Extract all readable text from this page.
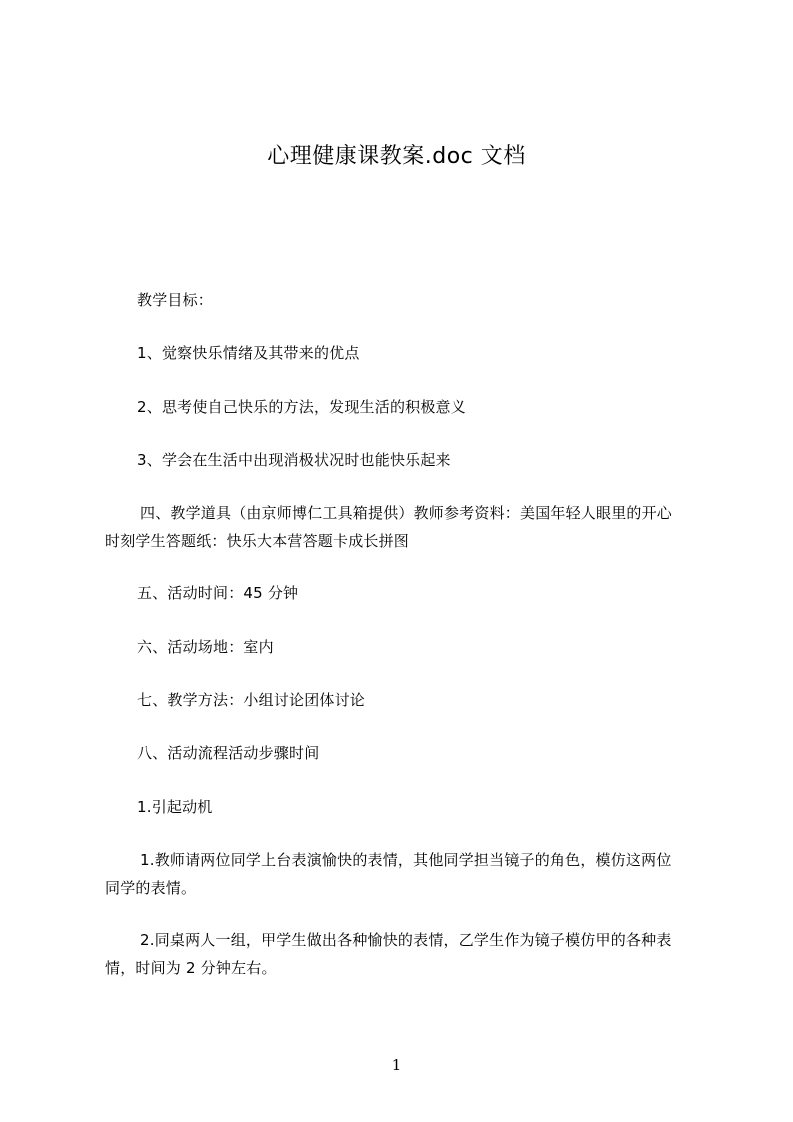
心理健康课教案.doc 文档
教学目标：
1、觉察快乐情绪及其带来的优点
2、思考使自己快乐的方法，发现生活的积极意义
3、学会在生活中出现消极状况时也能快乐起来
四、教学道具（由京师博仁工具箱提供）教师参考资料：美国年轻人眼里的开心
时刻学生答题纸：快乐大本营答题卡成长拼图
五、活动时间：45 分钟
六、活动场地：室内
七、教学方法：小组讨论团体讨论
八、活动流程活动步骤时间
1.引起动机
1.教师请两位同学上台表演愉快的表情，其他同学担当镜子的角色，模仿这两位
同学的表情。
2.同桌两人一组，甲学生做出各种愉快的表情，乙学生作为镜子模仿甲的各种表
情，时间为 2 分钟左右。
1
